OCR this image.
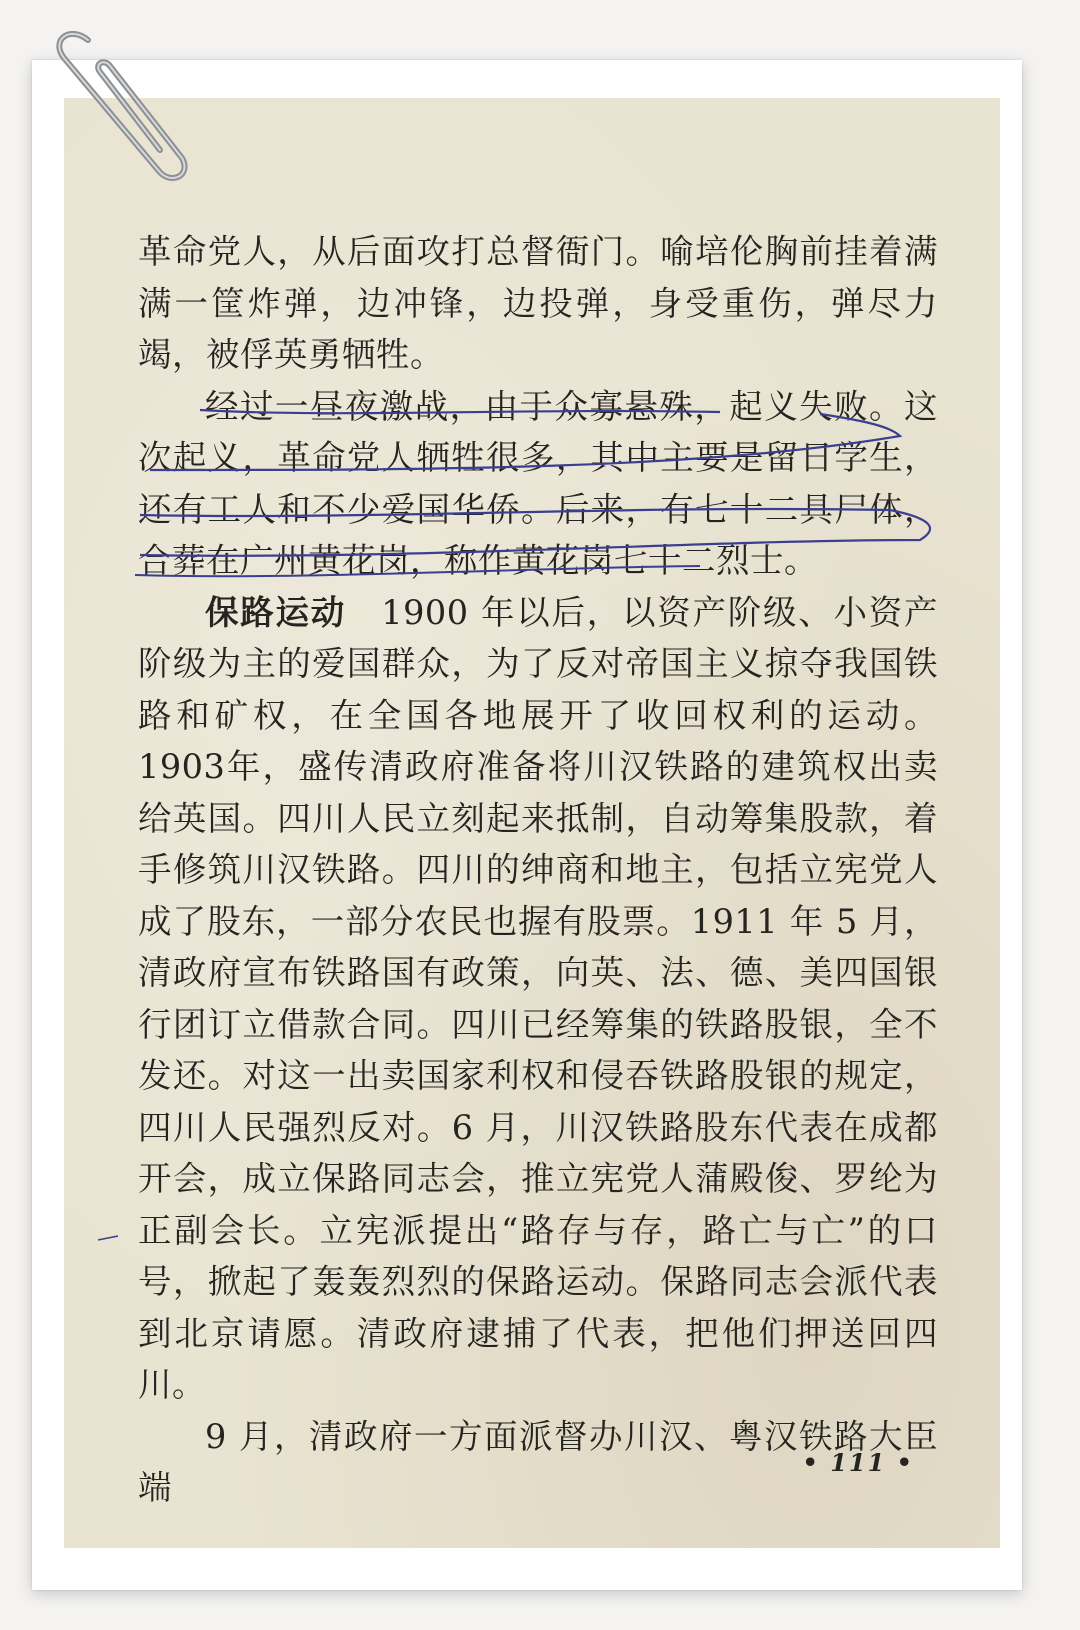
革命党人，从后面攻打总督衙门。喻培伦胸前挂着满满一筐炸弹，边冲锋，边投弹，身受重伤，弹尽力竭，被俘英勇牺牲。

经过一昼夜激战，由于众寡悬殊，起义失败。这次起义，革命党人牺牲很多，其中主要是留日学生，还有工人和不少爱国华侨。后来，有七十二具尸体，合葬在广州黄花岗，称作黄花岗七十二烈士。

保路运动　 1900 年以后，以资产阶级、小资产阶级为主的爱国群众，为了反对帝国主义掠夺我国铁路和矿权，在全国各地展开了收回权利的运动。1903年，盛传清政府准备将川汉铁路的建筑权出卖给英国。四川人民立刻起来抵制，自动筹集股款，着手修筑川汉铁路。四川的绅商和地主，包括立宪党人成了股东，一部分农民也握有股票。1911 年 5 月，清政府宣布铁路国有政策，向英、法、德、美四国银行团订立借款合同。四川已经筹集的铁路股银，全不发还。对这一出卖国家利权和侵吞铁路股银的规定，四川人民强烈反对。6 月，川汉铁路股东代表在成都开会，成立保路同志会，推立宪党人蒲殿俊、罗纶为正副会长。立宪派提出“路存与存，路亡与亡”的口号，掀起了轰轰烈烈的保路运动。保路同志会派代表到北京请愿。清政府逮捕了代表，把他们押送回四川。

9 月，清政府一方面派督办川汉、粤汉铁路大臣端

• 111 •
